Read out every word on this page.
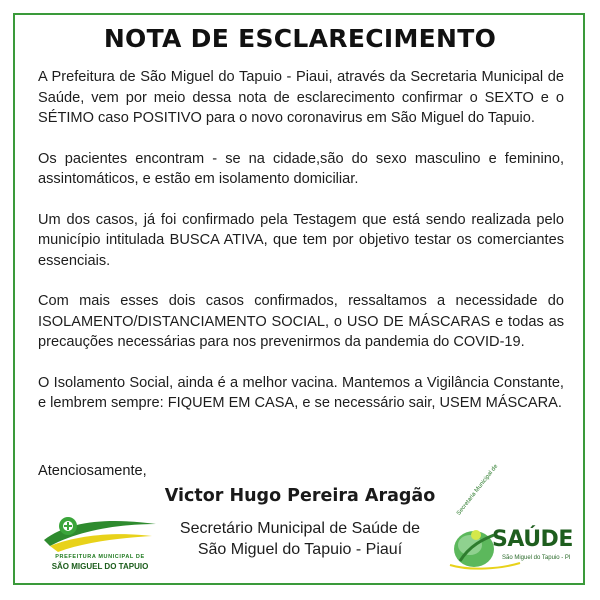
NOTA DE ESCLARECIMENTO

A Prefeitura de São Miguel do Tapuio - Piaui, através da Secretaria Municipal de Saúde, vem por meio dessa nota de esclarecimento confirmar o SEXTO e o SÉTIMO caso POSITIVO para o novo coronavirus em São Miguel do Tapuio.

Os pacientes encontram - se na cidade,são do sexo masculino e feminino, assintomáticos, e estão em isolamento domiciliar.

Um dos casos, já foi confirmado pela Testagem que está sendo realizada pelo município intitulada BUSCA ATIVA, que tem por objetivo testar os comerciantes essenciais.

Com mais esses dois casos confirmados, ressaltamos a necessidade do ISOLAMENTO/DISTANCIAMENTO SOCIAL, o USO DE MÁSCARAS e todas as precauções necessárias para nos prevenirmos da pandemia do COVID-19.

O Isolamento Social, ainda é a melhor vacina. Mantemos a Vigilância Constante, e lembrem sempre: FIQUEM EM CASA, e se necessário sair, USEM MÁSCARA.

Atenciosamente,
Victor Hugo Pereira Aragão
Secretário Municipal de Saúde de
São Miguel do Tapuio - Piauí
PREFEITURA MUNICIPAL DE
SÃO MIGUEL DO TAPUIO
Secretaria Municipal de
SAÚDE
São Miguel do Tapuio - PI
